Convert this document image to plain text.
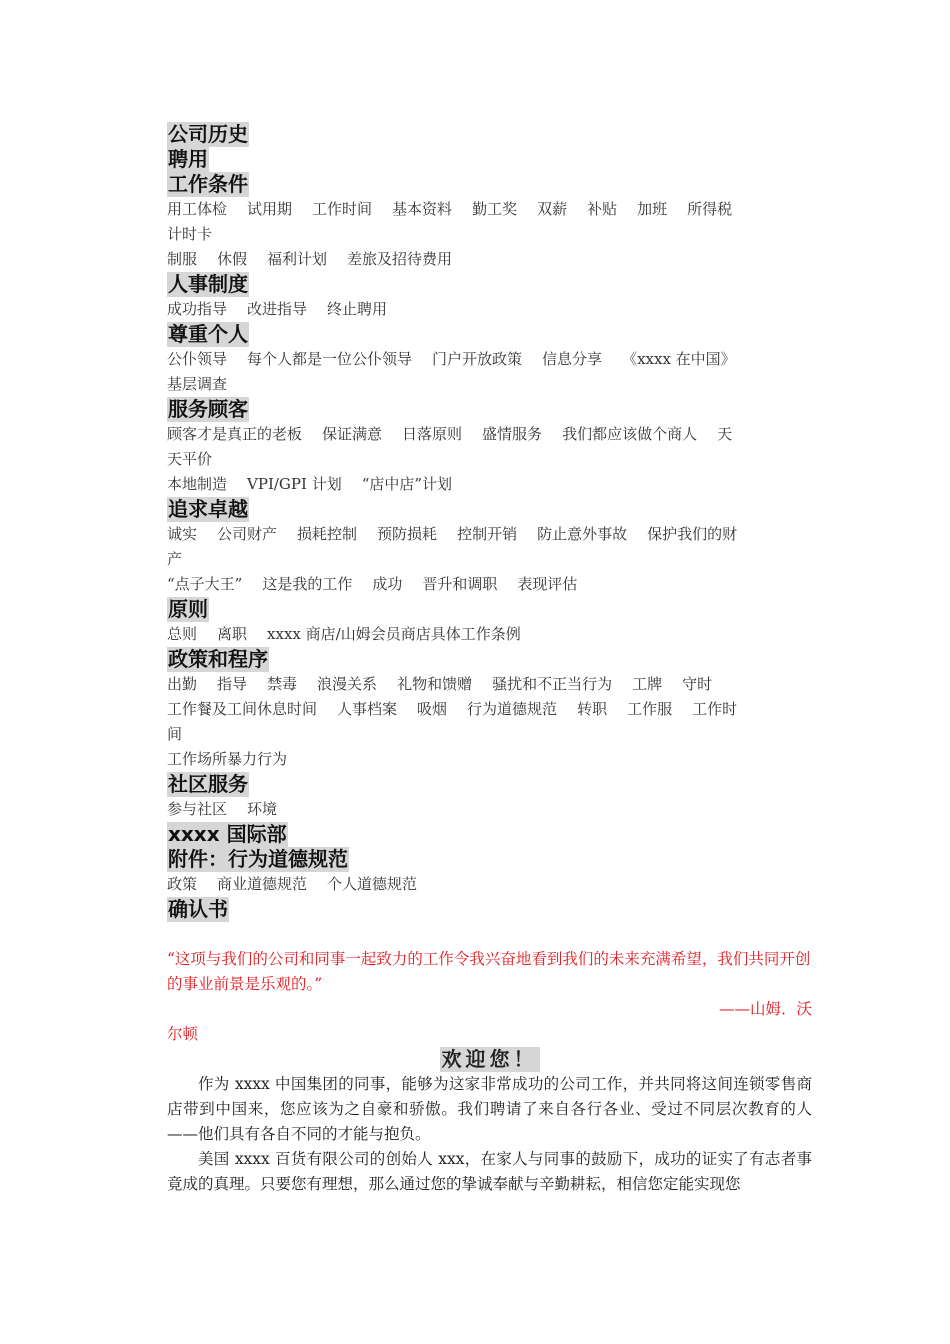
公司历史
聘用
工作条件
用工体检 试用期 工作时间 基本资料 勤工奖 双薪 补贴 加班 所得税
计时卡
制服 休假 福利计划 差旅及招待费用
人事制度
成功指导 改进指导 终止聘用
尊重个人
公仆领导 每个人都是一位公仆领导 门户开放政策 信息分享 《xxxx 在中国》
基层调查
服务顾客
顾客才是真正的老板 保证满意 日落原则 盛情服务 我们都应该做个商人 天
天平价
本地制造 VPI/GPI 计划 “店中店”计划
追求卓越
诚实 公司财产 损耗控制 预防损耗 控制开销 防止意外事故 保护我们的财
产
“点子大王” 这是我的工作 成功 晋升和调职 表现评估
原则
总则 离职 xxxx 商店/山姆会员商店具体工作条例
政策和程序
出勤 指导 禁毒 浪漫关系 礼物和馈赠 骚扰和不正当行为 工牌 守时
工作餐及工间休息时间 人事档案 吸烟 行为道德规范 转职 工作服 工作时
间
工作场所暴力行为
社区服务
参与社区 环境
xxxx 国际部
附件：行为道德规范
政策 商业道德规范 个人道德规范
确认书
“这项与我们的公司和同事一起致力的工作令我兴奋地看到我们的未来充满希望，我们共同开创的事业前景是乐观的。”
——山姆．沃
尔顿
欢迎您！

作为 xxxx 中国集团的同事，能够为这家非常成功的公司工作，并共同将这间连锁零售商店带到中国来，您应该为之自豪和骄傲。我们聘请了来自各行各业、受过不同层次教育的人——他们具有各自不同的才能与抱负。

美国 xxxx 百货有限公司的创始人 xxx，在家人与同事的鼓励下，成功的证实了有志者事竟成的真理。只要您有理想，那么通过您的挚诚奉献与辛勤耕耘，相信您定能实现您
